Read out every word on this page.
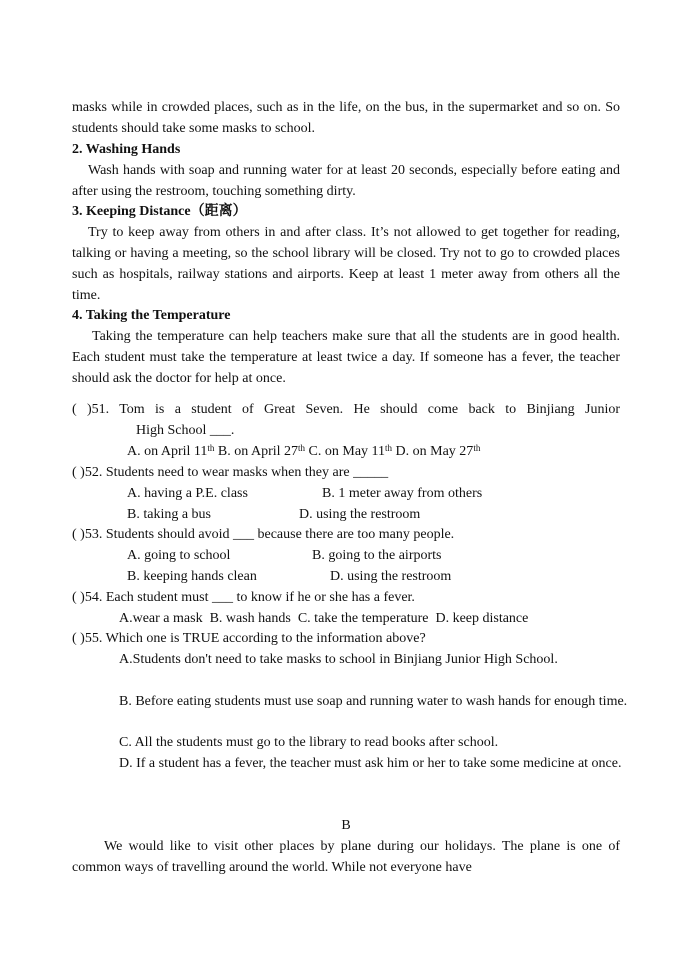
masks while in crowded places, such as in the life, on the bus, in the supermarket and so on. So students should take some masks to school.

2. Washing Hands

Wash hands with soap and running water for at least 20 seconds, especially before eating and after using the restroom, touching something dirty.

3. Keeping Distance（距离）

Try to keep away from others in and after class. It’s not allowed to get together for reading, talking or having a meeting, so the school library will be closed. Try not to go to crowded places such as hospitals, railway stations and airports. Keep at least 1 meter away from others all the time.

4. Taking the Temperature

Taking the temperature can help teachers make sure that all the students are in good health. Each student must take the temperature at least twice a day. If someone has a fever, the teacher should ask the doctor for help at once.

( )51. Tom is a student of Great Seven. He should come back to Binjiang Junior
High School ___.
A. on April 11th B. on April 27th C. on May 11th D. on May 27th
( )52. Students need to wear masks when they are _____
A. having a P.E. class	B. 1 meter away from others
B. taking a bus	D. using the restroom
( )53. Students should avoid ___ because there are too many people.
A. going to school	B. going to the airports
B. keeping hands clean	D. using the restroom
( )54. Each student must ___ to know if he or she has a fever.
A.wear a mask  B. wash hands  C. take the temperature  D. keep distance
( )55. Which one is TRUE according to the information above?
A.Students don't need to take masks to school in Binjiang Junior High School.
B. Before eating students must use soap and running water to wash hands for enough time.
C. All the students must go to the library to read books after school.
D. If a student has a fever, the teacher must ask him or her to take some medicine at once.
B

We would like to visit other places by plane during our holidays. The plane is one of common ways of travelling around the world. While not everyone have
